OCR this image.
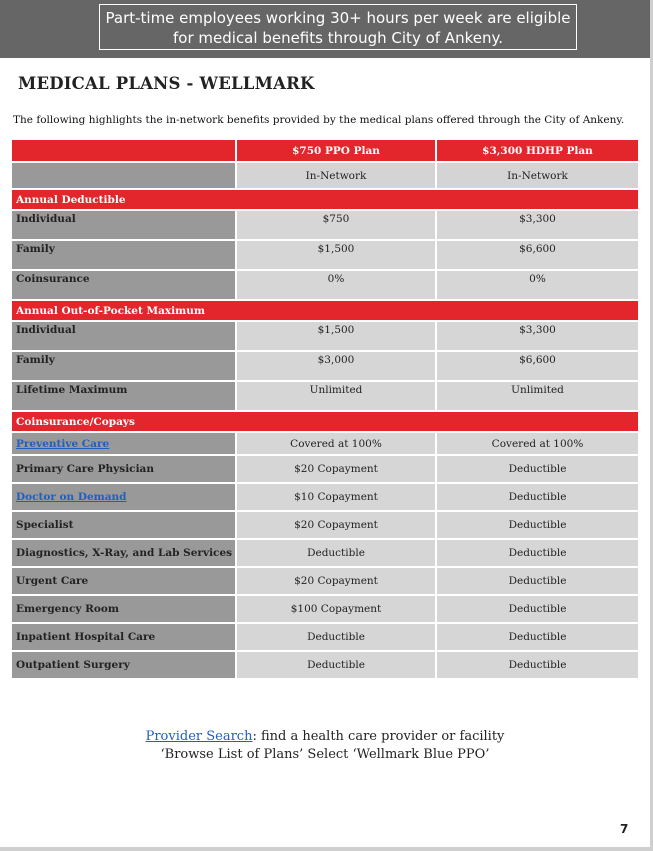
Part-time employees working 30+ hours per week are eligible
for medical benefits through City of Ankeny.
MEDICAL PLANS - WELLMARK
The following highlights the in-network benefits provided by the medical plans offered through the City of Ankeny.
	$750 PPO Plan	$3,300 HDHP Plan
	In-Network	In-Network
Annual Deductible		
Individual	$750	$3,300
Family	$1,500	$6,600
Coinsurance	0%	0%
Annual Out-of-Pocket Maximum		
Individual	$1,500	$3,300
Family	$3,000	$6,600
Lifetime Maximum	Unlimited	Unlimited
Coinsurance/Copays		
Preventive Care	Covered at 100%	Covered at 100%
Primary Care Physician	$20 Copayment	Deductible
Doctor on Demand	$10 Copayment	Deductible
Specialist	$20 Copayment	Deductible
Diagnostics, X-Ray, and Lab Services	Deductible	Deductible
Urgent Care	$20 Copayment	Deductible
Emergency Room	$100 Copayment	Deductible
Inpatient Hospital Care	Deductible	Deductible
Outpatient Surgery	Deductible	Deductible
Provider Search: find a health care provider or facility
‘Browse List of Plans’ Select ‘Wellmark Blue PPO’
7
